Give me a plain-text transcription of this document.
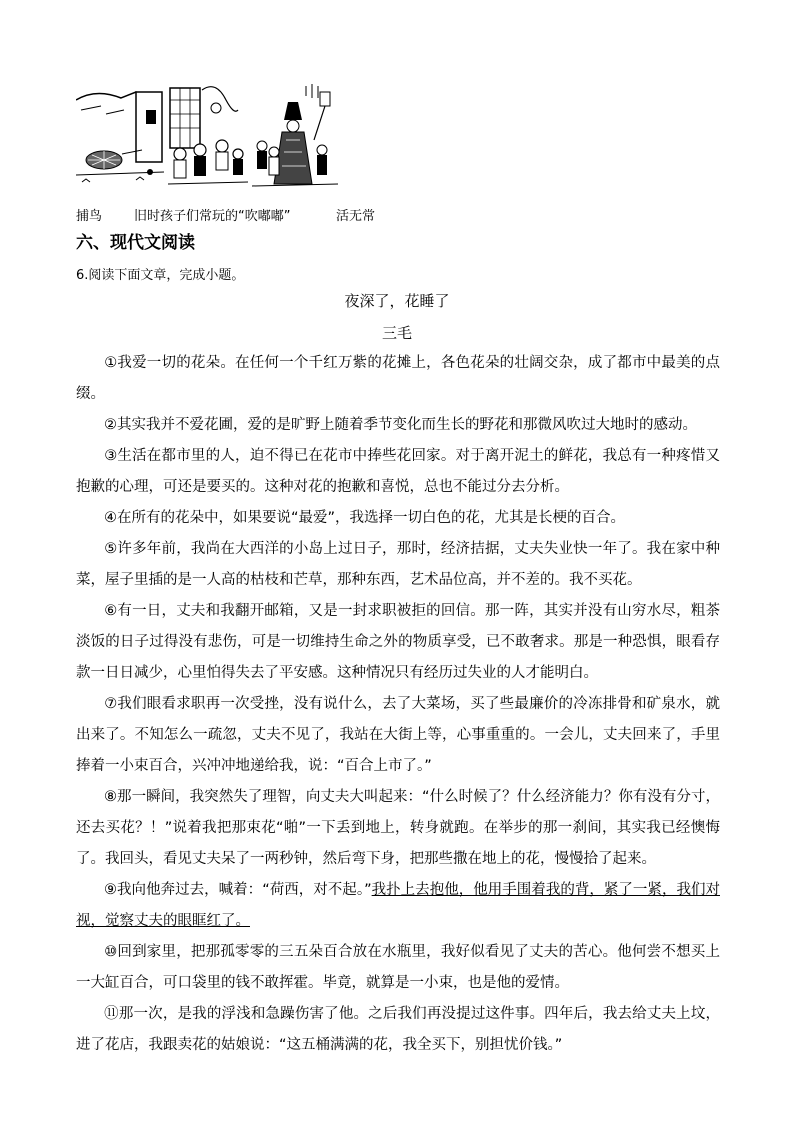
捕鸟 旧时孩子们常玩的“吹嘟嘟”	活无常
六、现代文阅读
6.阅读下面文章，完成小题。
夜深了，花睡了
三毛

①我爱一切的花朵。在任何一个千红万紫的花摊上，各色花朵的壮阔交杂，成了都市中最美的点缀。

②其实我并不爱花圃，爱的是旷野上随着季节变化而生长的野花和那微风吹过大地时的感动。

③生活在都市里的人，迫不得已在花市中捧些花回家。对于离开泥土的鲜花，我总有一种疼惜又抱歉的心理，可还是要买的。这种对花的抱歉和喜悦，总也不能过分去分析。

④在所有的花朵中，如果要说“最爱”，我选择一切白色的花，尤其是长梗的百合。

⑤许多年前，我尚在大西洋的小岛上过日子，那时，经济拮据，丈夫失业快一年了。我在家中种菜，屋子里插的是一人高的枯枝和芒草，那种东西，艺术品位高，并不差的。我不买花。

⑥有一日，丈夫和我翻开邮箱，又是一封求职被拒的回信。那一阵，其实并没有山穷水尽，粗茶淡饭的日子过得没有悲伤，可是一切维持生命之外的物质享受，已不敢奢求。那是一种恐惧，眼看存款一日日减少，心里怕得失去了平安感。这种情况只有经历过失业的人才能明白。

⑦我们眼看求职再一次受挫，没有说什么，去了大菜场，买了些最廉价的冷冻排骨和矿泉水，就出来了。不知怎么一疏忽，丈夫不见了，我站在大街上等，心事重重的。一会儿，丈夫回来了，手里捧着一小束百合，兴冲冲地递给我，说：“百合上市了。”

⑧那一瞬间，我突然失了理智，向丈夫大叫起来：“什么时候了？什么经济能力？你有没有分寸，还去买花？！”说着我把那束花“啪”一下丢到地上，转身就跑。在举步的那一刹间，其实我已经懊悔了。我回头，看见丈夫呆了一两秒钟，然后弯下身，把那些撒在地上的花，慢慢拾了起来。

⑨我向他奔过去，喊着：“荷西，对不起。”我扑上去抱他，他用手围着我的背，紧了一紧，我们对视，觉察丈夫的眼眶红了。

⑩回到家里，把那孤零零的三五朵百合放在水瓶里，我好似看见了丈夫的苦心。他何尝不想买上一大缸百合，可口袋里的钱不敢挥霍。毕竟，就算是一小束，也是他的爱情。

⑪那一次，是我的浮浅和急躁伤害了他。之后我们再没提过这件事。四年后，我去给丈夫上坟，进了花店，我跟卖花的姑娘说：“这五桶满满的花，我全买下，别担忧价钱。”
